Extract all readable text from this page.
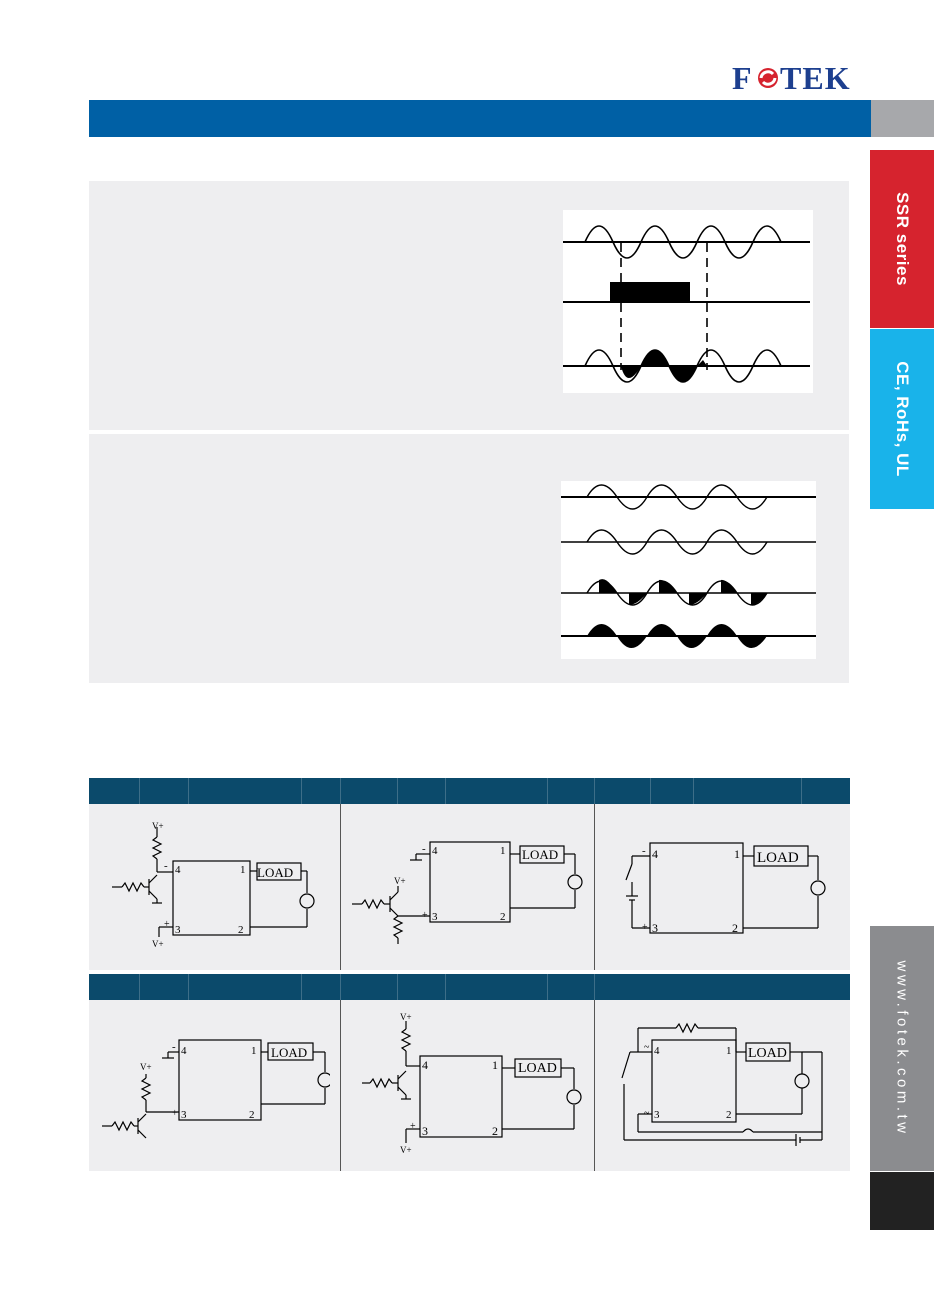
F TEK
SSR series
CE, RoHs, UL
www.fotek.com.tw
LOAD
4
3
1
2
V+
V+
-
+
LOAD
4
3
1
2
V+
-
+
LOAD
4
3
1
2
-
+
LOAD
4
3
1
2
V+
-
+
LOAD
4
3
1
2
V+
V+
+
LOAD
4
3
1
2
~
~
